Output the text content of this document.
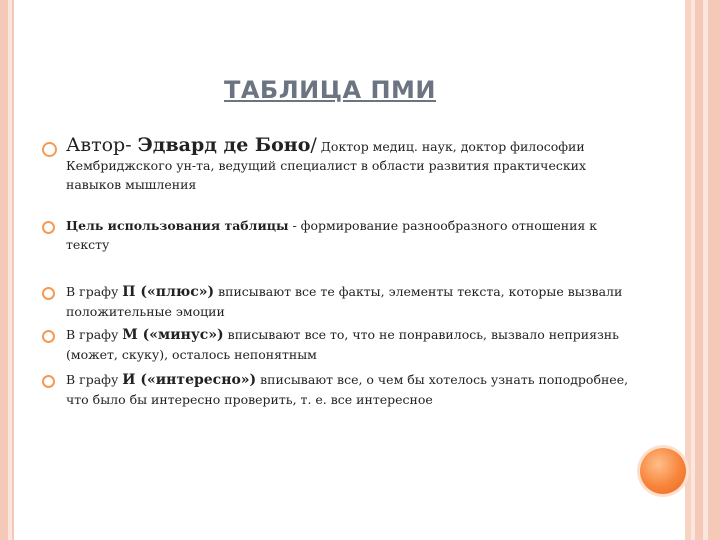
ТАБЛИЦА ПМИ
Автор- Эдвард де Боно/ Доктор медиц. наук, доктор философии Кембриджского ун-та, ведущий специалист в области развития практических навыков мышления
Цель использования таблицы - формирование разнообразного отношения к тексту
В графу П («плюс») вписывают все те факты, элементы текста, которые вызвали положительные эмоции
В графу М («минус») вписывают все то, что не понравилось, вызвало неприязнь (может, скуку), осталось непонятным
В графу И («интересно») вписывают все, о чем бы хотелось узнать поподробнее, что было бы интересно проверить, т. е. все интересное
